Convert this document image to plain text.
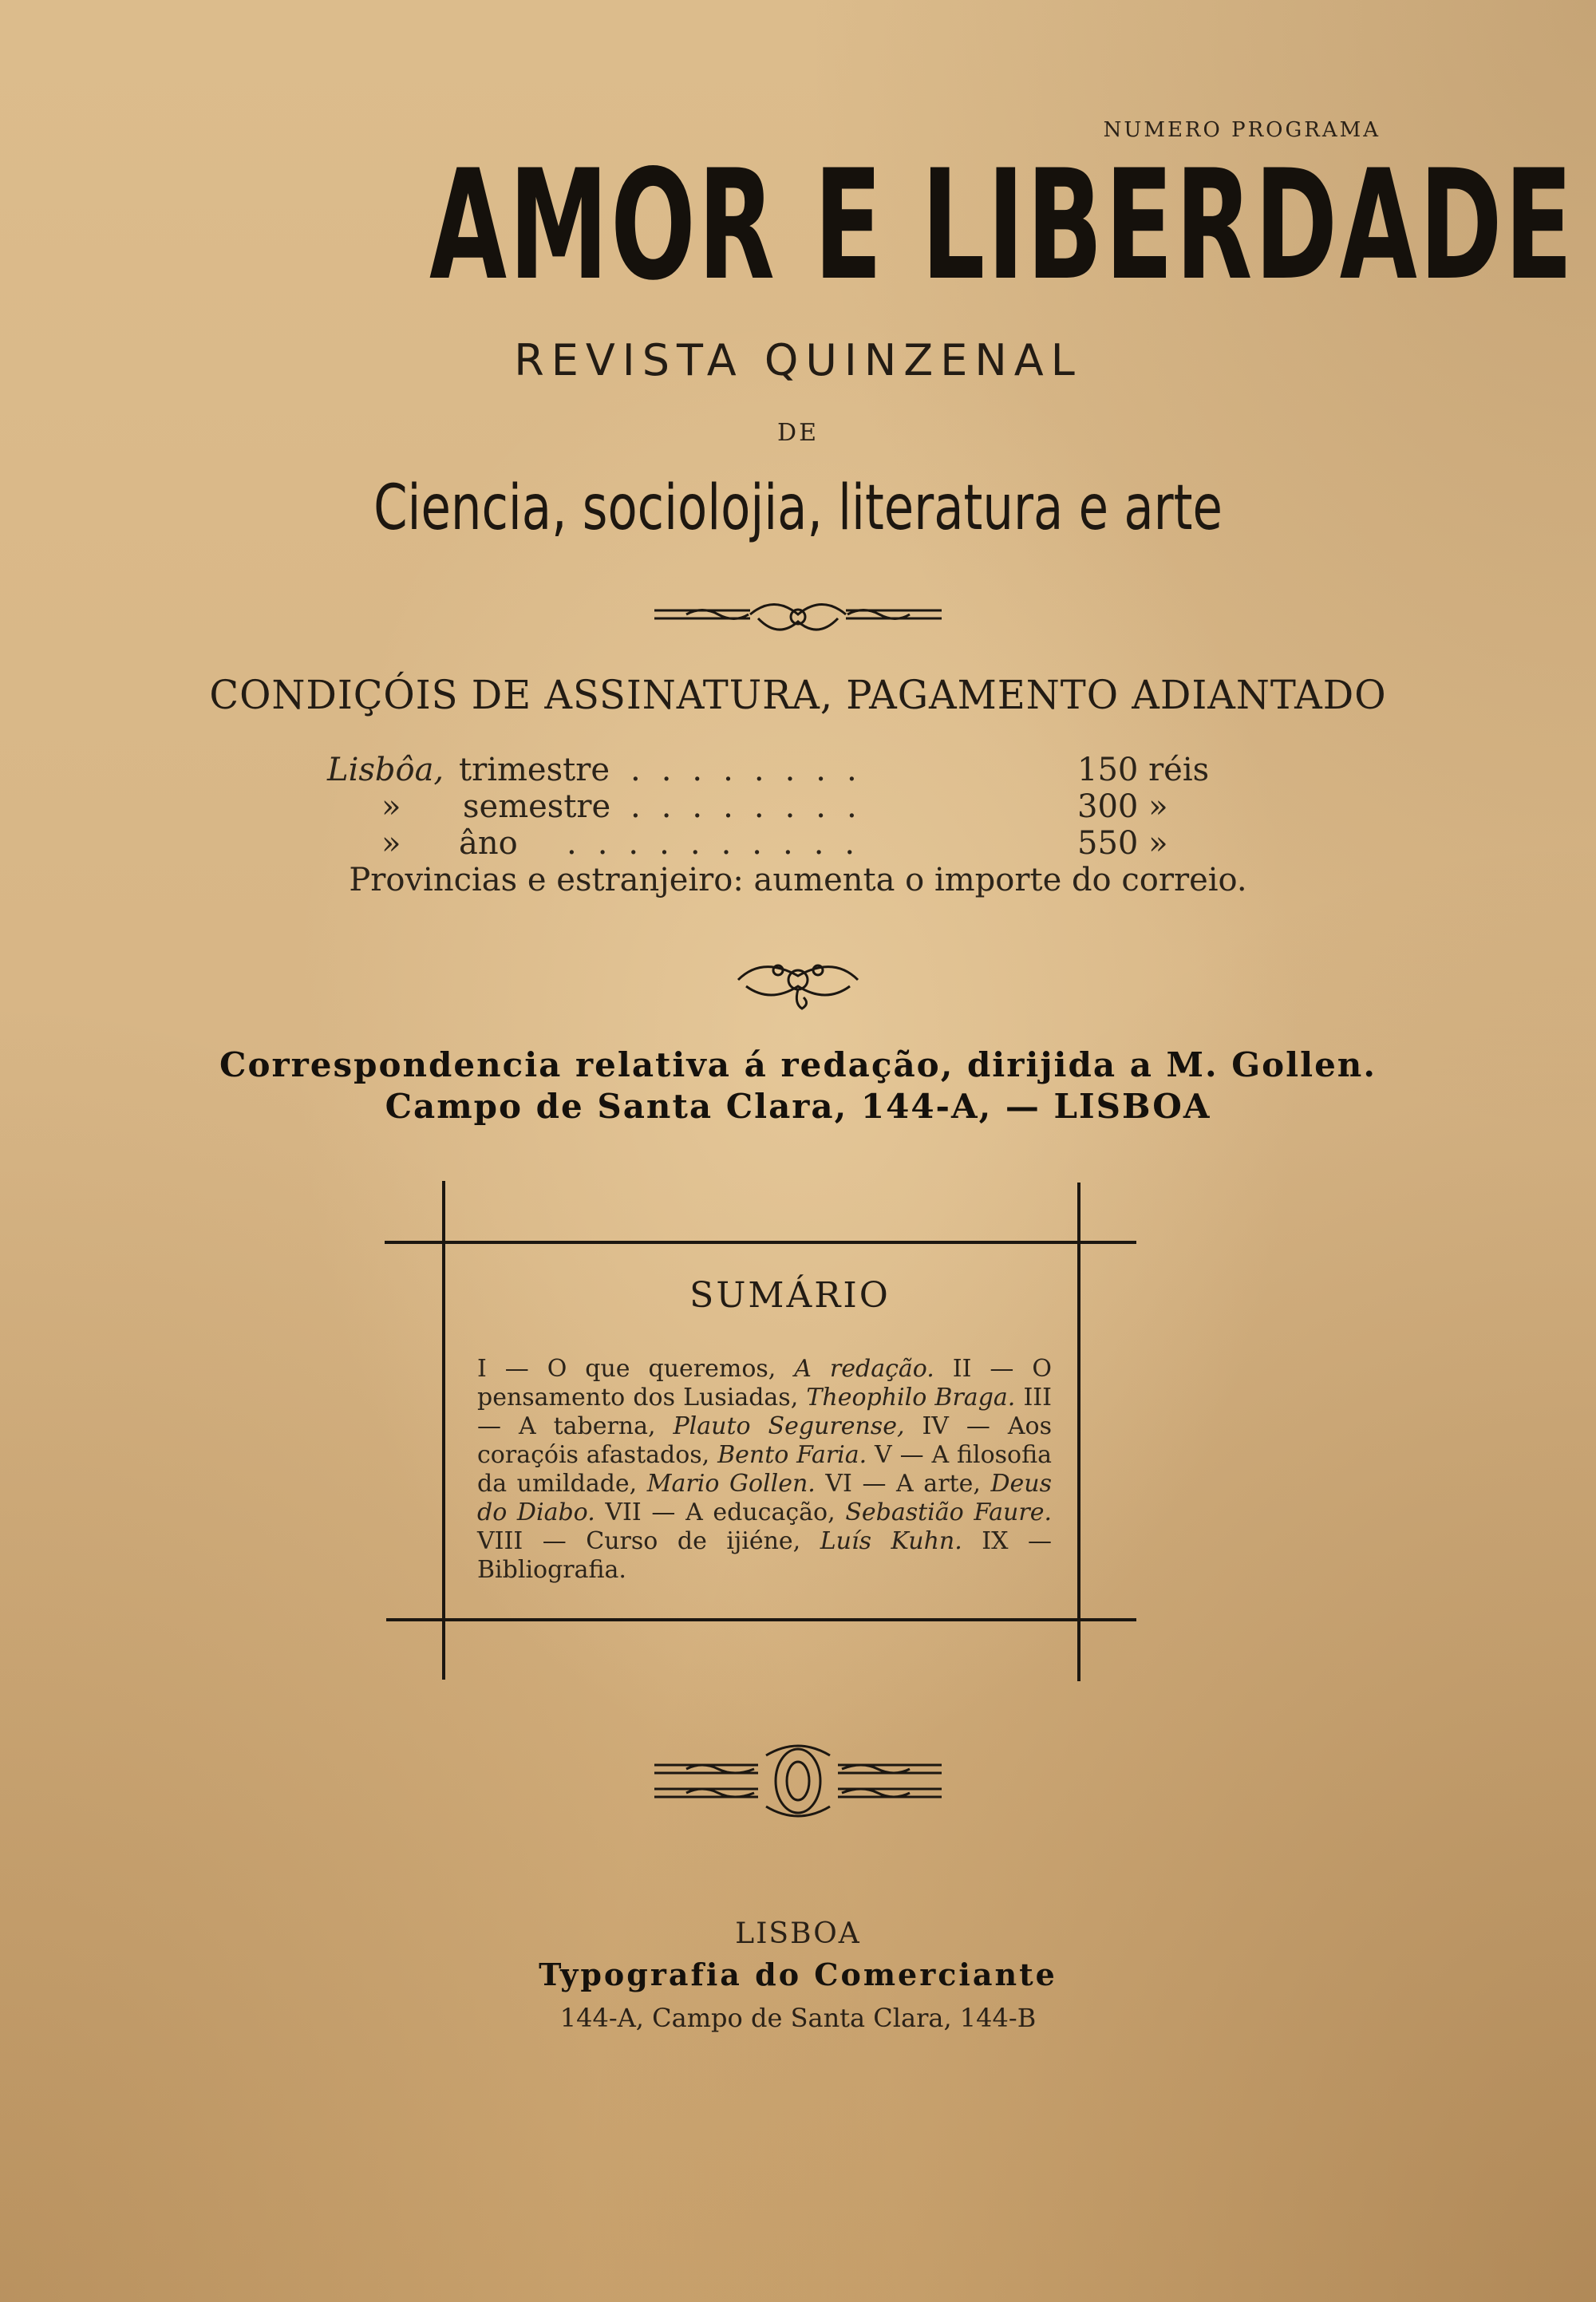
NUMERO PROGRAMA
AMOR E LIBERDADE
REVISTA QUINZENAL
DE
Ciencia, sociolojia, literatura e arte
CONDIÇÓIS DE ASSINATURA, PAGAMENTO ADIANTADO
Lisbôa, trimestre ........	150 réis
» semestre ........	300 »
» âno ..........	550 »
Provincias e estranjeiro: aumenta o importe do correio.
Correspondencia relativa á redação, dirijida a M. Gollen.
Campo de Santa Clara, 144-A, — LISBOA
SUMÁRIO
I — O que queremos, A redação. II — O pensamento dos Lusiadas, Theophilo Braga. III — A taberna, Plauto Segurense, IV — Aos coraçóis afastados, Bento Faria. V — A filosofia da umildade, Mario Gollen. VI — A arte, Deus do Diabo. VII — A educação, Sebastião Faure. VIII — Curso de ijiéne, Luís Kuhn. IX — Bibliografia.
LISBOA
Typografia do Comerciante
144-A, Campo de Santa Clara, 144-B
